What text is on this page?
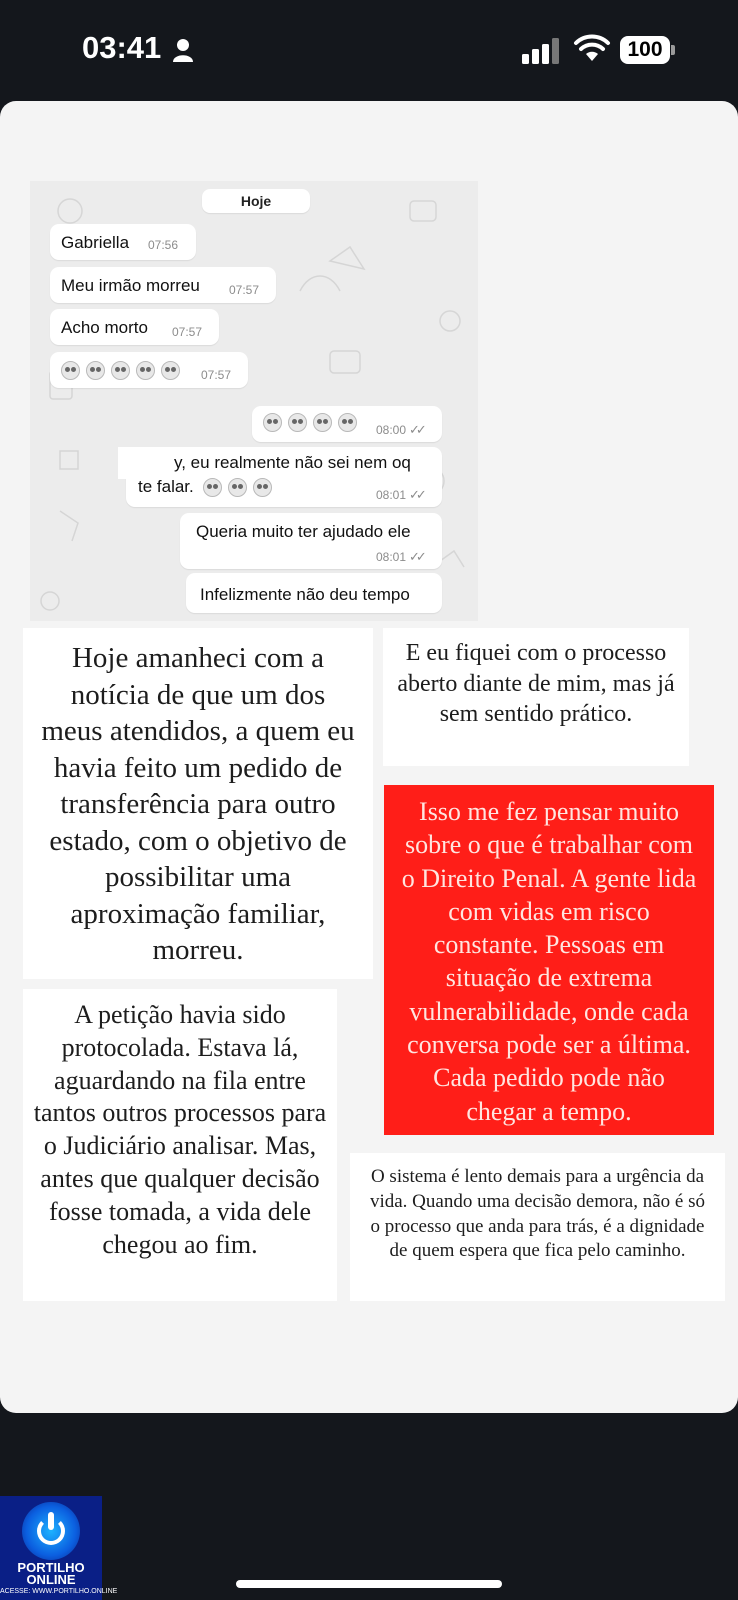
03:41	100
Hoje
Gabriella 07:56
Meu irmão morreu 07:57
Acho morto 07:57
07:57
08:00 ✓✓
y, eu realmente não sei nem oq
te falar.	08:01 ✓✓
Queria muito ter ajudado ele
08:01 ✓✓
Infelizmente não deu tempo

Hoje amanheci com a notícia de que um dos meus atendidos, a quem eu havia feito um pedido de transferência para outro estado, com o objetivo de possibilitar uma aproximação familiar, morreu.

E eu fiquei com o processo aberto diante de mim, mas já sem sentido prático.

Isso me fez pensar muito sobre o que é trabalhar com o Direito Penal. A gente lida com vidas em risco constante. Pessoas em situação de extrema vulnerabilidade, onde cada conversa pode ser a última. Cada pedido pode não chegar a tempo.

A petição havia sido protocolada. Estava lá, aguardando na fila entre tantos outros processos para o Judiciário analisar. Mas, antes que qualquer decisão fosse tomada, a vida dele chegou ao fim.

O sistema é lento demais para a urgência da vida. Quando uma decisão demora, não é só o processo que anda para trás, é a dignidade de quem espera que fica pelo caminho.

PORTILHO ONLINE
ACESSE: WWW.PORTILHO.ONLINE
